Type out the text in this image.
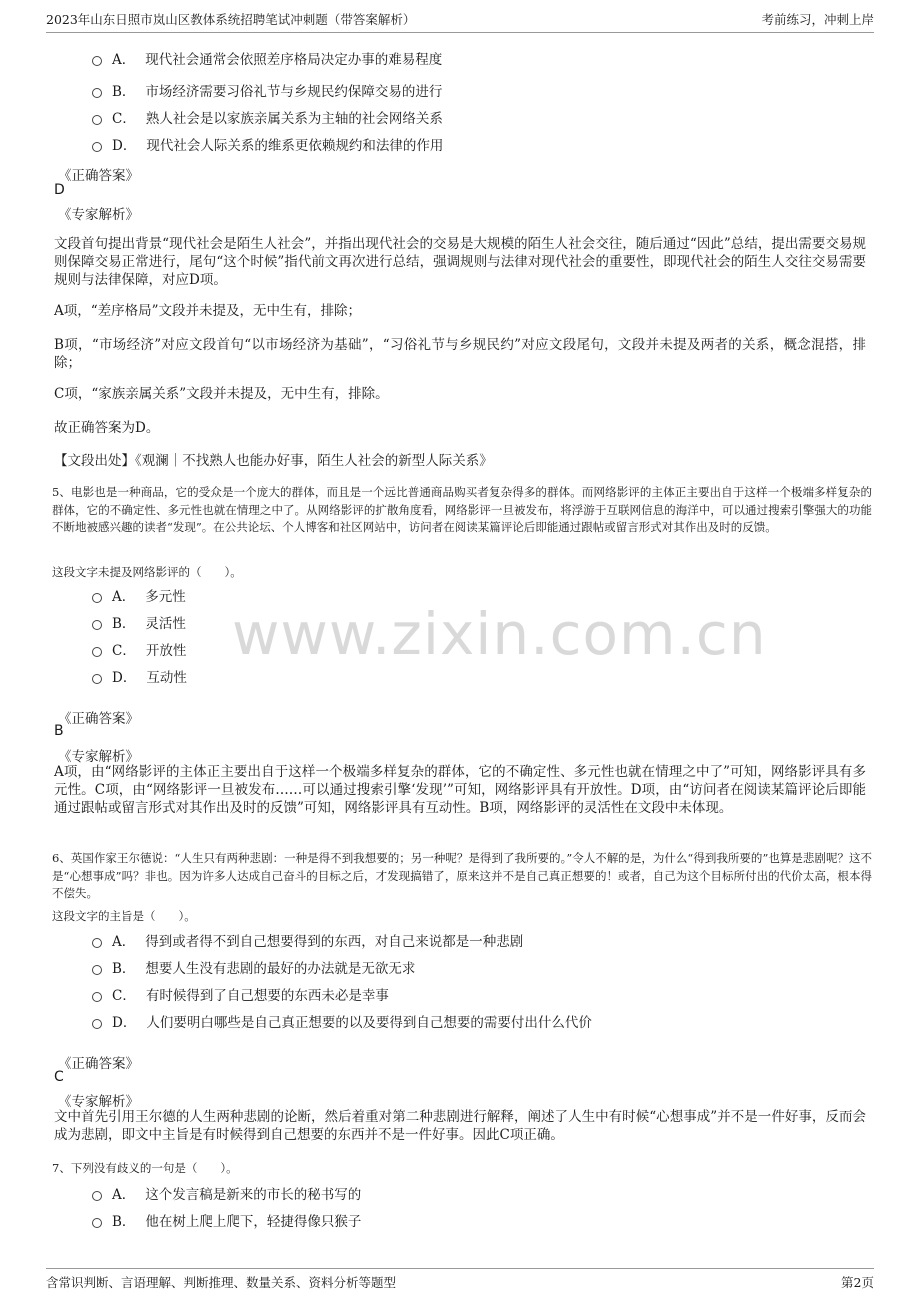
2023年山东日照市岚山区教体系统招聘笔试冲刺题（带答案解析）	考前练习，冲刺上岸
A． 现代社会通常会依照差序格局决定办事的难易程度
B． 市场经济需要习俗礼节与乡规民约保障交易的进行
C． 熟人社会是以家族亲属关系为主轴的社会网络关系
D． 现代社会人际关系的维系更依赖规约和法律的作用
《正确答案》
D
《专家解析》
文段首句提出背景“现代社会是陌生人社会”，并指出现代社会的交易是大规模的陌生人社会交往，随后通过“因此”总结，提出需要交易规则保障交易正常进行，尾句“这个时候”指代前文再次进行总结，强调规则与法律对现代社会的重要性，即现代社会的陌生人交往交易需要规则与法律保障，对应D项。
A项，“差序格局”文段并未提及，无中生有，排除；
B项，“市场经济”对应文段首句“以市场经济为基础”，“习俗礼节与乡规民约”对应文段尾句，文段并未提及两者的关系，概念混搭，排除；
C项，“家族亲属关系”文段并未提及，无中生有，排除。
故正确答案为D。
【文段出处】《观澜｜不找熟人也能办好事，陌生人社会的新型人际关系》
5、电影也是一种商品，它的受众是一个庞大的群体，而且是一个远比普通商品购买者复杂得多的群体。而网络影评的主体正主要出自于这样一个极端多样复杂的群体，它的不确定性、多元性也就在情理之中了。从网络影评的扩散角度看，网络影评一旦被发布，将浮游于互联网信息的海洋中，可以通过搜索引擎强大的功能不断地被感兴趣的读者“发现”。在公共论坛、个人博客和社区网站中，访问者在阅读某篇评论后即能通过跟帖或留言形式对其作出及时的反馈。
这段文字未提及网络影评的（　　）。
A． 多元性
B． 灵活性
C． 开放性
D． 互动性
《正确答案》
B
《专家解析》
A项，由“网络影评的主体正主要出自于这样一个极端多样复杂的群体，它的不确定性、多元性也就在情理之中了”可知，网络影评具有多元性。C项，由“网络影评一旦被发布……可以通过搜索引擎‘发现’”可知，网络影评具有开放性。D项，由“访问者在阅读某篇评论后即能通过跟帖或留言形式对其作出及时的反馈”可知，网络影评具有互动性。B项，网络影评的灵活性在文段中未体现。
6、英国作家王尔德说：“人生只有两种悲剧：一种是得不到我想要的；另一种呢？是得到了我所要的。”令人不解的是，为什么“得到我所要的”也算是悲剧呢？这不是“心想事成”吗？非也。因为许多人达成自己奋斗的目标之后，才发现搞错了，原来这并不是自己真正想要的！或者，自己为这个目标所付出的代价太高，根本得不偿失。
这段文字的主旨是（　　）。
A． 得到或者得不到自己想要得到的东西，对自己来说都是一种悲剧
B． 想要人生没有悲剧的最好的办法就是无欲无求
C． 有时候得到了自己想要的东西未必是幸事
D． 人们要明白哪些是自己真正想要的以及要得到自己想要的需要付出什么代价
《正确答案》
C
《专家解析》
文中首先引用王尔德的人生两种悲剧的论断，然后着重对第二种悲剧进行解释，阐述了人生中有时候“心想事成”并不是一件好事，反而会成为悲剧，即文中主旨是有时候得到自己想要的东西并不是一件好事。因此C项正确。
7、下列没有歧义的一句是（　　）。
A． 这个发言稿是新来的市长的秘书写的
B． 他在树上爬上爬下，轻捷得像只猴子
www.zixin.com.cn
含常识判断、言语理解、判断推理、数量关系、资料分析等题型	第2页
